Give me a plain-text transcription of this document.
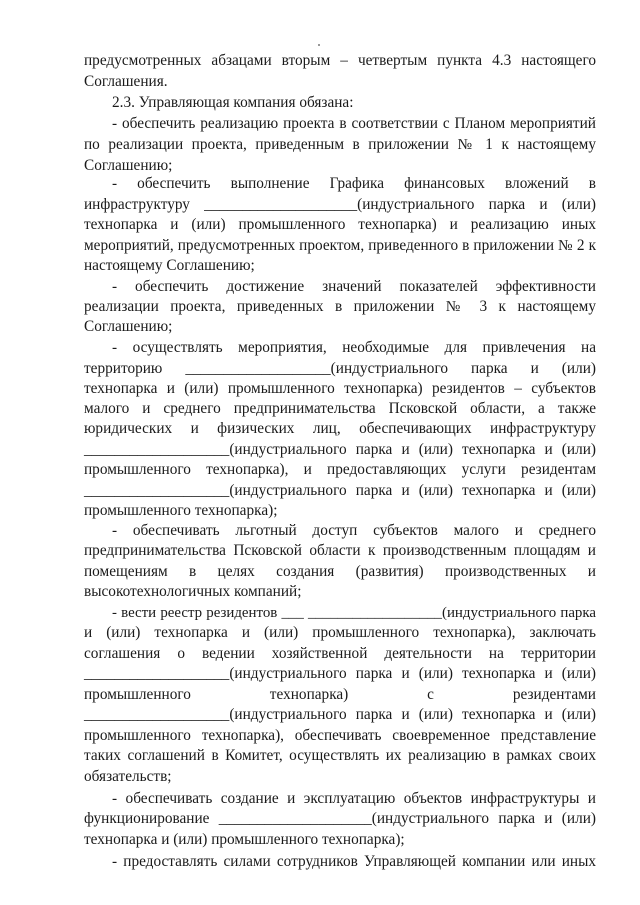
предусмотренных абзацами вторым – четвертым пункта 4.3 настоящего
Соглашения.
2.3. Управляющая компания обязана:
- обеспечить реализацию проекта в соответствии с Планом мероприятий
по реализации проекта, приведенным в приложении № 1 к настоящему
Соглашению;
- обеспечить выполнение Графика финансовых вложений в
инфраструктуру ____________________(индустриального парка и (или)
технопарка и (или) промышленного технопарка) и реализацию иных
мероприятий, предусмотренных проектом, приведенного в приложении № 2 к
настоящему Соглашению;
- обеспечить достижение значений показателей эффективности
реализации проекта, приведенных в приложении № 3 к настоящему
Соглашению;
- осуществлять мероприятия, необходимые для привлечения на
территорию ___________________(индустриального парка и (или)
технопарка и (или) промышленного технопарка) резидентов – субъектов
малого и среднего предпринимательства Псковской области, а также
юридических и физических лиц, обеспечивающих инфраструктуру
___________________(индустриального парка и (или) технопарка и (или)
промышленного технопарка), и предоставляющих услуги резидентам
___________________(индустриального парка и (или) технопарка и (или)
промышленного технопарка);
- обеспечивать льготный доступ субъектов малого и среднего
предпринимательства Псковской области к производственным площадям и
помещениям в целях создания (развития) производственных и
высокотехнологичных компаний;
- вести реестр резидентов ___ __________________(индустриального парка
и (или) технопарка и (или) промышленного технопарка), заключать
соглашения о ведении хозяйственной деятельности на территории
___________________(индустриального парка и (или) технопарка и (или)
промышленного технопарка) с резидентами
___________________(индустриального парка и (или) технопарка и (или)
промышленного технопарка), обеспечивать своевременное представление
таких соглашений в Комитет, осуществлять их реализацию в рамках своих
обязательств;
- обеспечивать создание и эксплуатацию объектов инфраструктуры и
функционирование ____________________(индустриального парка и (или)
технопарка и (или) промышленного технопарка);
- предоставлять силами сотрудников Управляющей компании или иных
